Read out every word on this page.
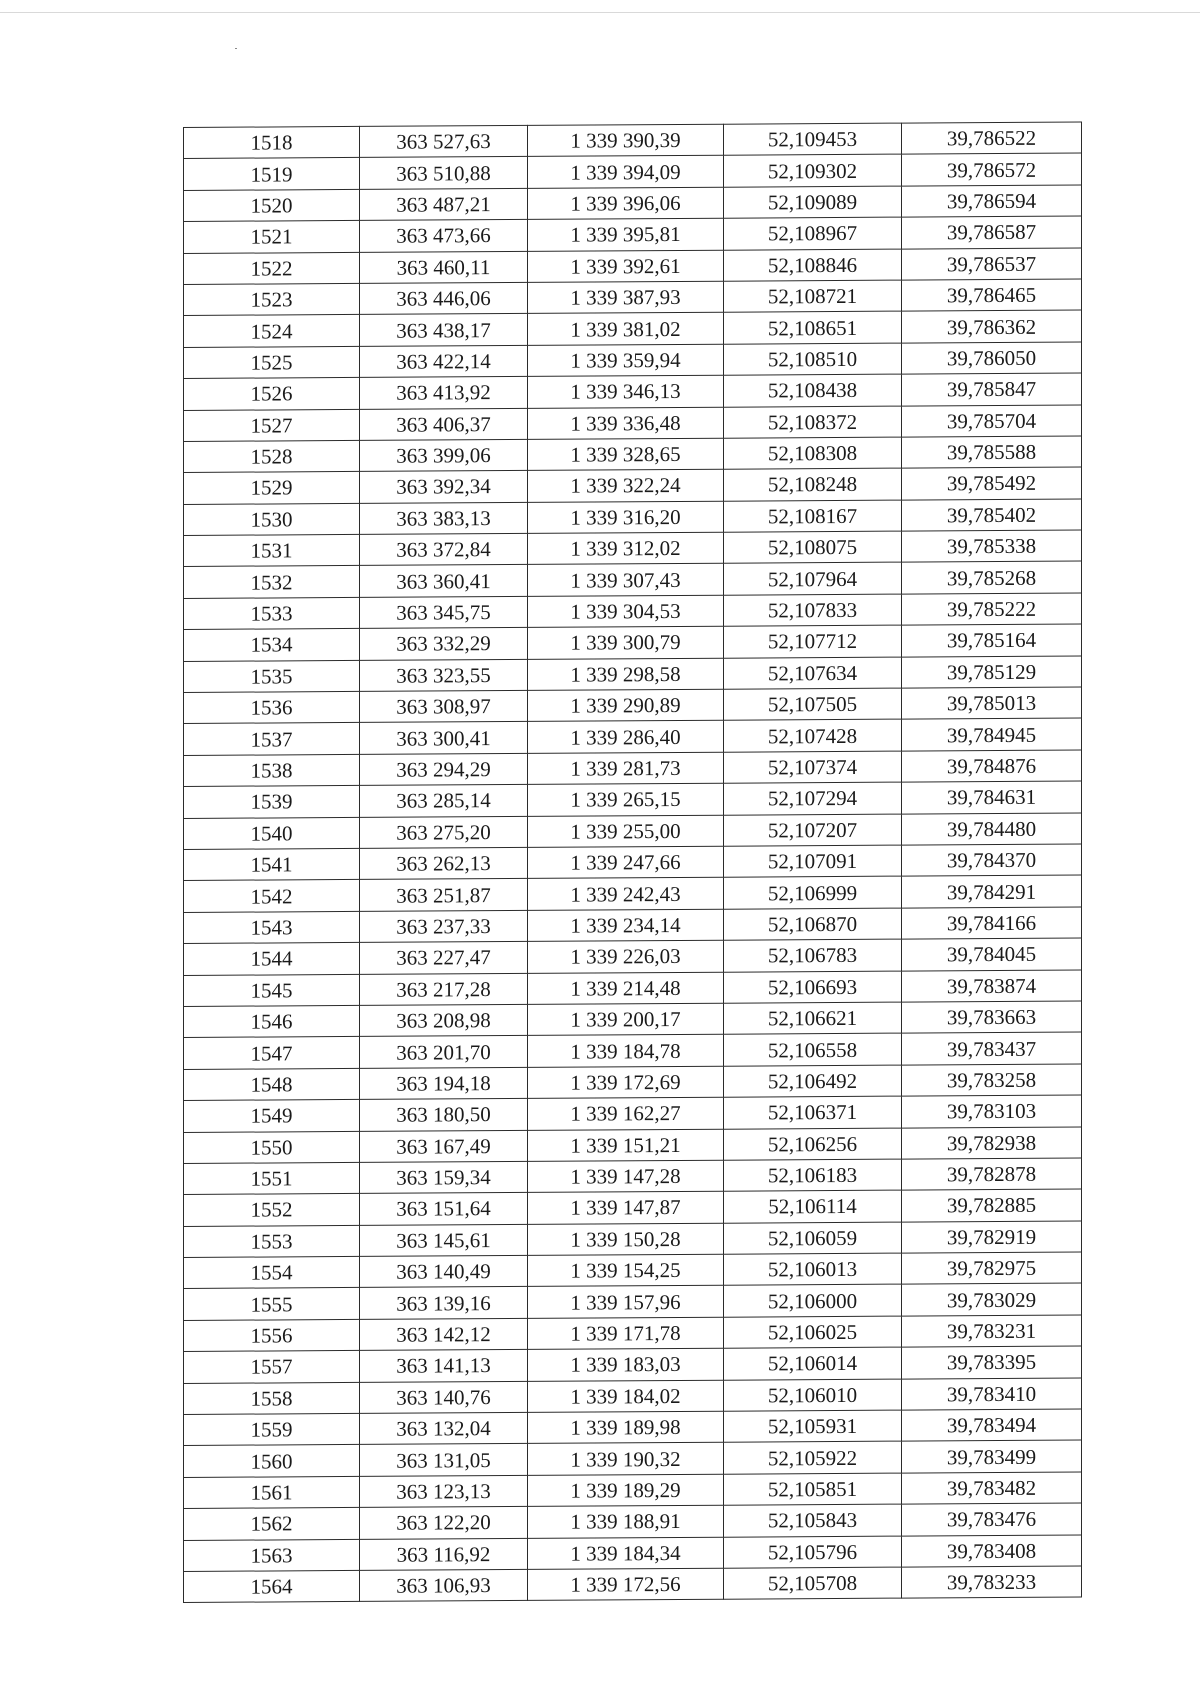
1518	363 527,63	1 339 390,39	52,109453	39,786522
1519	363 510,88	1 339 394,09	52,109302	39,786572
1520	363 487,21	1 339 396,06	52,109089	39,786594
1521	363 473,66	1 339 395,81	52,108967	39,786587
1522	363 460,11	1 339 392,61	52,108846	39,786537
1523	363 446,06	1 339 387,93	52,108721	39,786465
1524	363 438,17	1 339 381,02	52,108651	39,786362
1525	363 422,14	1 339 359,94	52,108510	39,786050
1526	363 413,92	1 339 346,13	52,108438	39,785847
1527	363 406,37	1 339 336,48	52,108372	39,785704
1528	363 399,06	1 339 328,65	52,108308	39,785588
1529	363 392,34	1 339 322,24	52,108248	39,785492
1530	363 383,13	1 339 316,20	52,108167	39,785402
1531	363 372,84	1 339 312,02	52,108075	39,785338
1532	363 360,41	1 339 307,43	52,107964	39,785268
1533	363 345,75	1 339 304,53	52,107833	39,785222
1534	363 332,29	1 339 300,79	52,107712	39,785164
1535	363 323,55	1 339 298,58	52,107634	39,785129
1536	363 308,97	1 339 290,89	52,107505	39,785013
1537	363 300,41	1 339 286,40	52,107428	39,784945
1538	363 294,29	1 339 281,73	52,107374	39,784876
1539	363 285,14	1 339 265,15	52,107294	39,784631
1540	363 275,20	1 339 255,00	52,107207	39,784480
1541	363 262,13	1 339 247,66	52,107091	39,784370
1542	363 251,87	1 339 242,43	52,106999	39,784291
1543	363 237,33	1 339 234,14	52,106870	39,784166
1544	363 227,47	1 339 226,03	52,106783	39,784045
1545	363 217,28	1 339 214,48	52,106693	39,783874
1546	363 208,98	1 339 200,17	52,106621	39,783663
1547	363 201,70	1 339 184,78	52,106558	39,783437
1548	363 194,18	1 339 172,69	52,106492	39,783258
1549	363 180,50	1 339 162,27	52,106371	39,783103
1550	363 167,49	1 339 151,21	52,106256	39,782938
1551	363 159,34	1 339 147,28	52,106183	39,782878
1552	363 151,64	1 339 147,87	52,106114	39,782885
1553	363 145,61	1 339 150,28	52,106059	39,782919
1554	363 140,49	1 339 154,25	52,106013	39,782975
1555	363 139,16	1 339 157,96	52,106000	39,783029
1556	363 142,12	1 339 171,78	52,106025	39,783231
1557	363 141,13	1 339 183,03	52,106014	39,783395
1558	363 140,76	1 339 184,02	52,106010	39,783410
1559	363 132,04	1 339 189,98	52,105931	39,783494
1560	363 131,05	1 339 190,32	52,105922	39,783499
1561	363 123,13	1 339 189,29	52,105851	39,783482
1562	363 122,20	1 339 188,91	52,105843	39,783476
1563	363 116,92	1 339 184,34	52,105796	39,783408
1564	363 106,93	1 339 172,56	52,105708	39,783233
